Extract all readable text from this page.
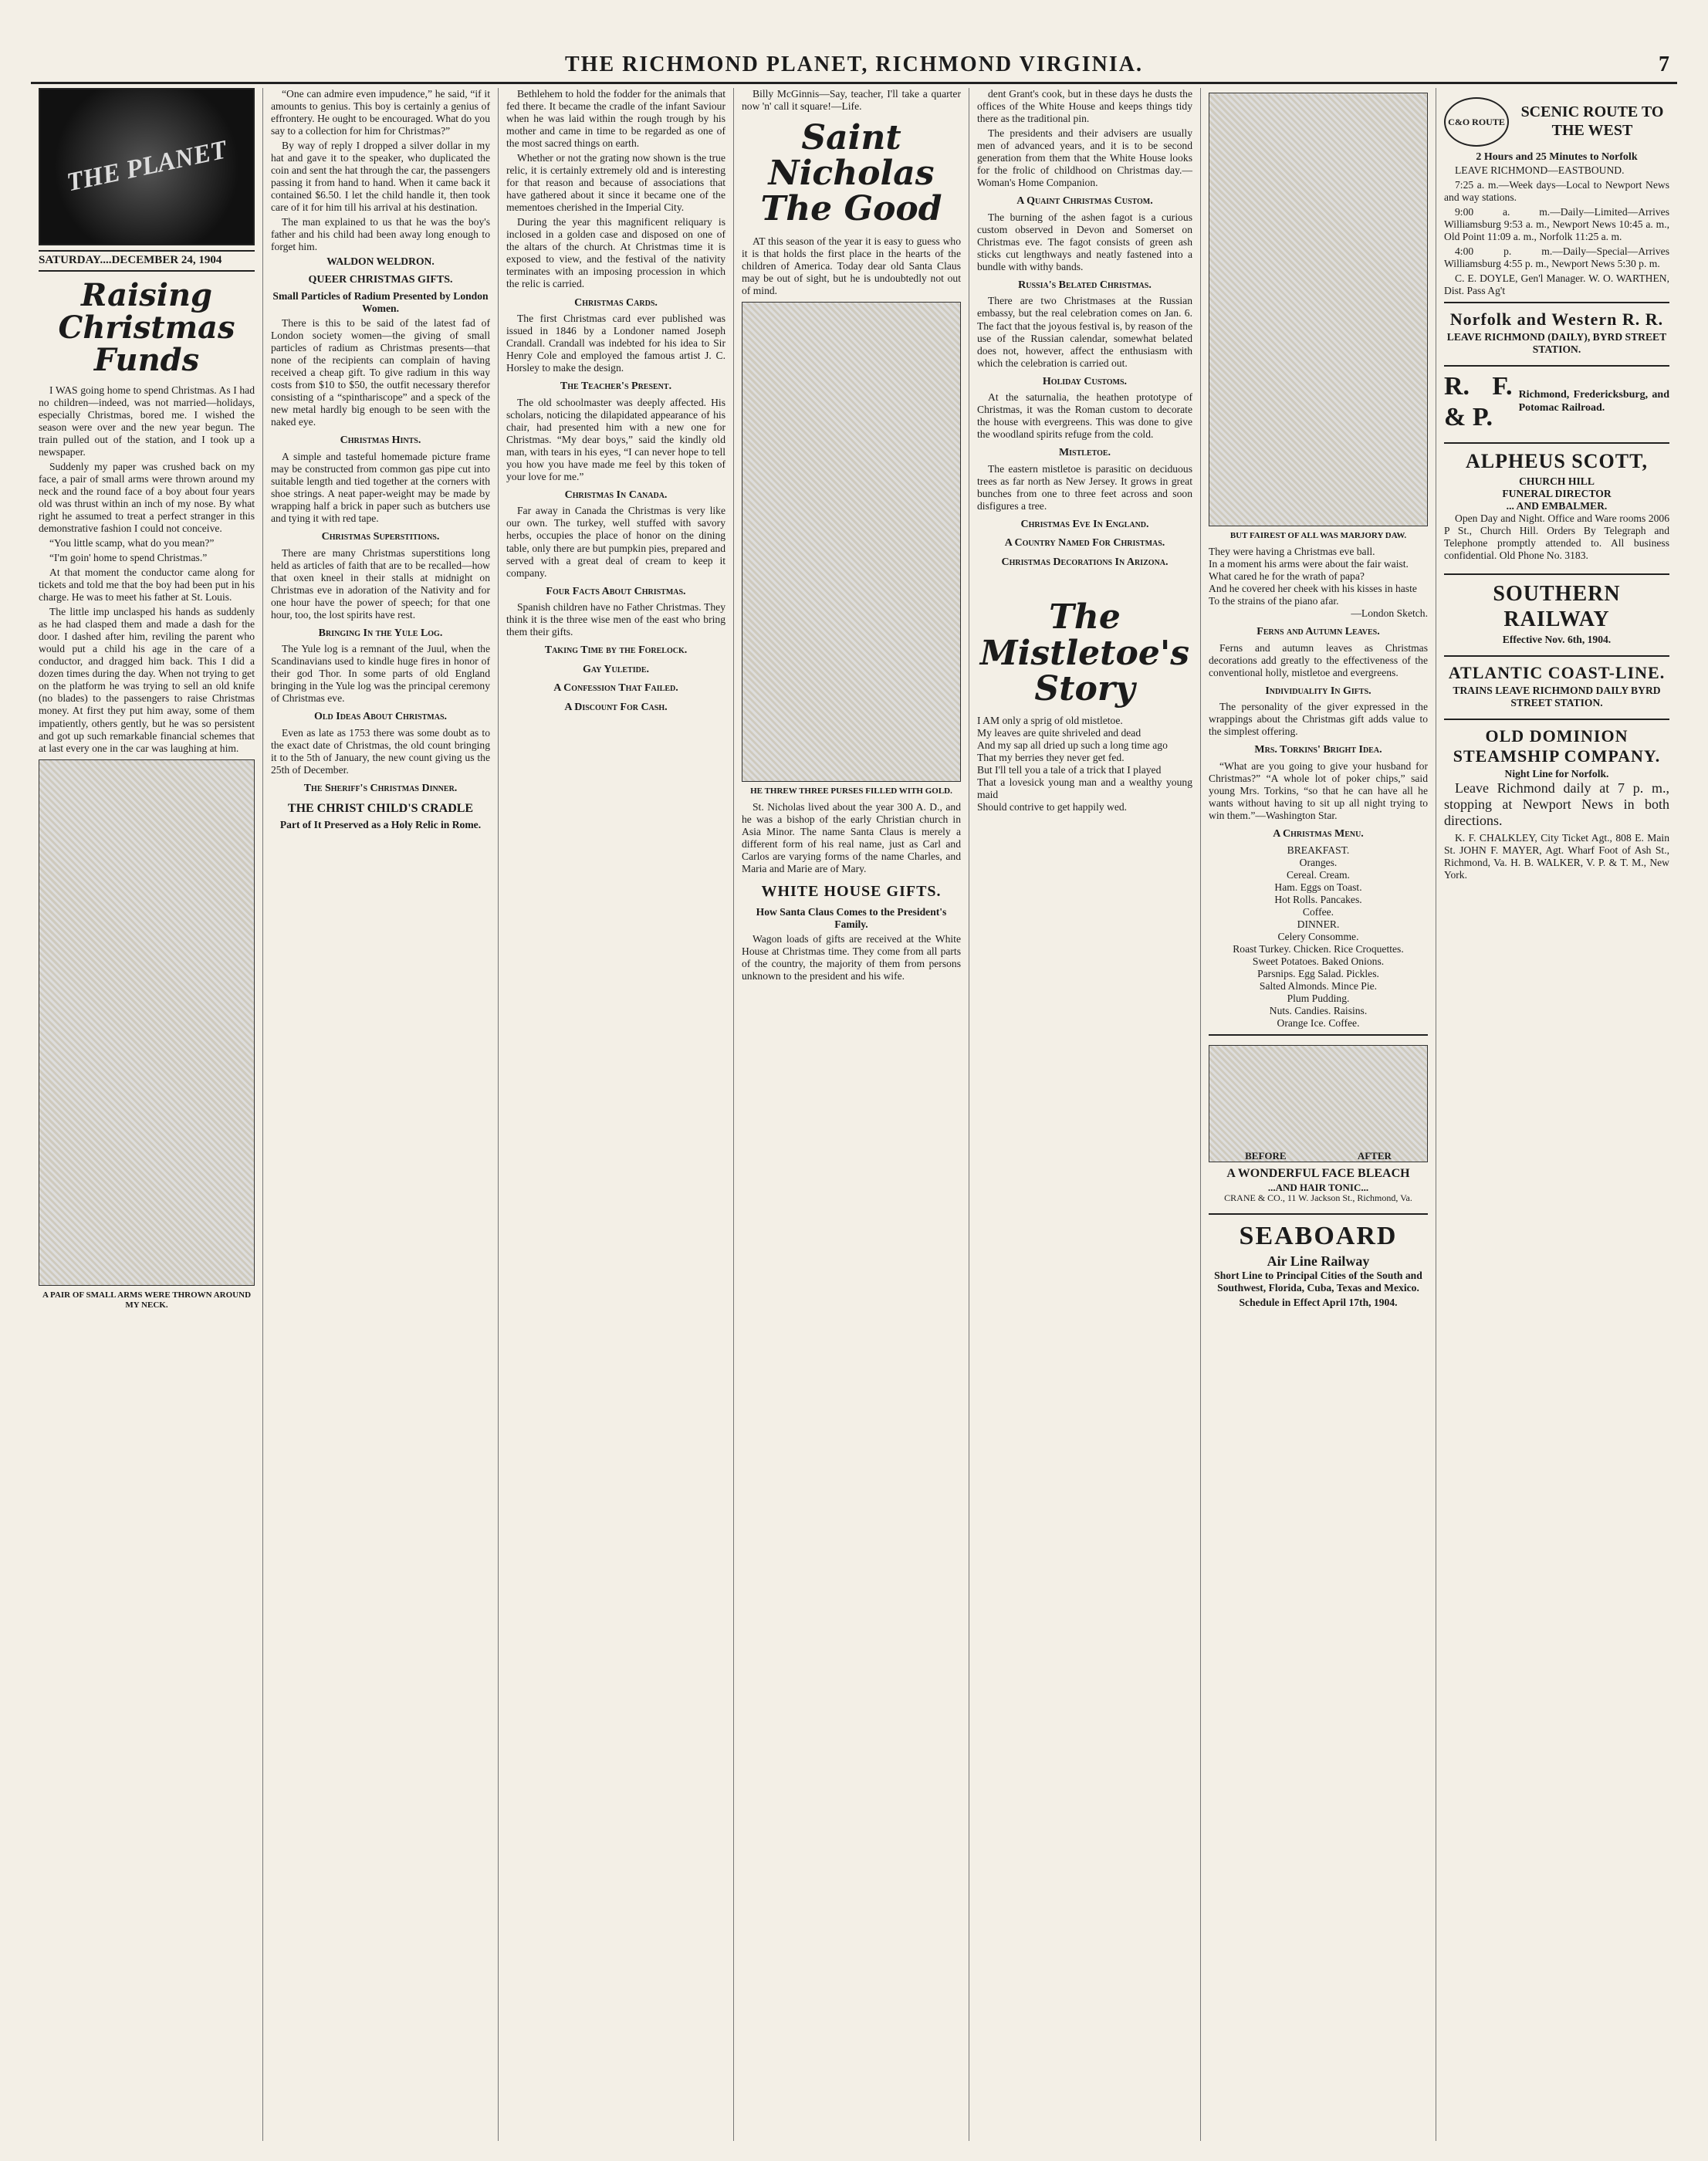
THE RICHMOND PLANET, RICHMOND VIRGINIA.	7
THE PLANET
SATURDAY....DECEMBER 24, 1904
Raising Christmas Funds

I WAS going home to spend Christmas. As I had no children—indeed, was not married—holidays, especially Christmas, bored me. I wished the season were over and the new year begun. The train pulled out of the station, and I took up a newspaper.

Suddenly my paper was crushed back on my face, a pair of small arms were thrown around my neck and the round face of a boy about four years old was thrust within an inch of my nose. By what right he assumed to treat a perfect stranger in this demonstrative fashion I could not conceive.

“You little scamp, what do you mean?”

“I'm goin' home to spend Christmas.”

At that moment the conductor came along for tickets and told me that the boy had been put in his charge. He was to meet his father at St. Louis.

The little imp unclasped his hands as suddenly as he had clasped them and made a dash for the door. I dashed after him, reviling the parent who would put a child his age in the care of a conductor, and dragged him back. This I did a dozen times during the day. When not trying to get on the platform he was trying to sell an old knife (no blades) to the passengers to raise Christmas money. At first they put him away, some of them impatiently, others gently, but he was so persistent and got up such remarkable financial schemes that at last every one in the car was laughing at him.

A PAIR OF SMALL ARMS WERE THROWN AROUND MY NECK.

“One can admire even impudence,” he said, “if it amounts to genius. This boy is certainly a genius of effrontery. He ought to be encouraged. What do you say to a collection for him for Christmas?”

By way of reply I dropped a silver dollar in my hat and gave it to the speaker, who duplicated the coin and sent the hat through the car, the passengers passing it from hand to hand. When it came back it contained $6.50. I let the child handle it, then took care of it for him till his arrival at his destination.

The man explained to us that he was the boy's father and his child had been away long enough to forget him.

WALDON WELDRON.

QUEER CHRISTMAS GIFTS.

Small Particles of Radium Presented by London Women.

There is this to be said of the latest fad of London society women—the giving of small particles of radium as Christmas presents—that none of the recipients can complain of having received a cheap gift. To give radium in this way costs from $10 to $50, the outfit necessary therefor consisting of a “spinthariscope” and a speck of the new metal hardly big enough to be seen with the naked eye.

Christmas Hints.

A simple and tasteful homemade picture frame may be constructed from common gas pipe cut into suitable length and tied together at the corners with shoe strings. A neat paper-weight may be made by wrapping half a brick in paper such as butchers use and tying it with red tape.

Christmas Superstitions.

There are many Christmas superstitions long held as articles of faith that are to be recalled—how that oxen kneel in their stalls at midnight on Christmas eve in adoration of the Nativity and for one hour have the power of speech; for that one hour, too, the lost spirits have rest.

Bringing In the Yule Log.

The Yule log is a remnant of the Juul, when the Scandinavians used to kindle huge fires in honor of their god Thor. In some parts of old England bringing in the Yule log was the principal ceremony of Christmas eve.

Old Ideas About Christmas.

Even as late as 1753 there was some doubt as to the exact date of Christmas, the old count bringing it to the 5th of January, the new count giving us the 25th of December.

The Sheriff's Christmas Dinner.
THE CHRIST CHILD'S CRADLE

Part of It Preserved as a Holy Relic in Rome.

Bethlehem to hold the fodder for the animals that fed there. It became the cradle of the infant Saviour when he was laid within the rough trough by his mother and came in time to be regarded as one of the most sacred things on earth.

Whether or not the grating now shown is the true relic, it is certainly extremely old and is interesting for that reason and because of associations that have gathered about it since it became one of the mementoes cherished in the Imperial City.

During the year this magnificent reliquary is inclosed in a golden case and disposed on one of the altars of the church. At Christmas time it is exposed to view, and the festival of the nativity terminates with an imposing procession in which the relic is carried.

Christmas Cards.

The first Christmas card ever published was issued in 1846 by a Londoner named Joseph Crandall. Crandall was indebted for his idea to Sir Henry Cole and employed the famous artist J. C. Horsley to make the design.

The Teacher's Present.

The old schoolmaster was deeply affected. His scholars, noticing the dilapidated appearance of his chair, had presented him with a new one for Christmas. “My dear boys,” said the kindly old man, with tears in his eyes, “I can never hope to tell you how you have made me feel by this token of your love for me.”

Christmas In Canada.

Far away in Canada the Christmas is very like our own. The turkey, well stuffed with savory herbs, occupies the place of honor on the dining table, only there are but pumpkin pies, prepared and served with a great deal of cream to keep it company.

Four Facts About Christmas.

Spanish children have no Father Christmas. They think it is the three wise men of the east who bring them their gifts.

Taking Time by the Forelock.
Gay Yuletide.
A Confession That Failed.
A Discount For Cash.

Billy McGinnis—Say, teacher, I'll take a quarter now 'n' call it square!—Life.

Saint Nicholas The Good

AT this season of the year it is easy to guess who it is that holds the first place in the hearts of the children of America. Today dear old Santa Claus may be out of sight, but he is undoubtedly not out of mind.

HE THREW THREE PURSES FILLED WITH GOLD.

St. Nicholas lived about the year 300 A. D., and he was a bishop of the early Christian church in Asia Minor. The name Santa Claus is merely a different form of his real name, just as Carl and Carlos are varying forms of the name Charles, and Maria and Marie are of Mary.

WHITE HOUSE GIFTS.

How Santa Claus Comes to the President's Family.

Wagon loads of gifts are received at the White House at Christmas time. They come from all parts of the country, the majority of them from persons unknown to the president and his wife.

dent Grant's cook, but in these days he dusts the offices of the White House and keeps things tidy there as the traditional pin.

The presidents and their advisers are usually men of advanced years, and it is to be second generation from them that the White House looks for the frolic of childhood on Christmas day.—Woman's Home Companion.

A Quaint Christmas Custom.

The burning of the ashen fagot is a curious custom observed in Devon and Somerset on Christmas eve. The fagot consists of green ash sticks cut lengthways and neatly fastened into a bundle with withy bands.

Russia's Belated Christmas.

There are two Christmases at the Russian embassy, but the real celebration comes on Jan. 6. The fact that the joyous festival is, by reason of the use of the Russian calendar, somewhat belated does not, however, affect the enthusiasm with which the celebration is carried out.

Holiday Customs.

At the saturnalia, the heathen prototype of Christmas, it was the Roman custom to decorate the house with evergreens. This was done to give the woodland spirits refuge from the cold.

Mistletoe.

The eastern mistletoe is parasitic on deciduous trees as far north as New Jersey. It grows in great bunches from one to three feet across and soon disfigures a tree.

Christmas Eve In England.
A Country Named For Christmas.
Christmas Decorations In Arizona.
The Mistletoe's Story

I AM only a sprig of old mistletoe.

My leaves are quite shriveled and dead

And my sap all dried up such a long time ago

That my berries they never get fed.

But I'll tell you a tale of a trick that I played

That a lovesick young man and a wealthy young maid

Should contrive to get happily wed.

BUT FAIREST OF ALL WAS MARJORY DAW.

They were having a Christmas eve ball.

In a moment his arms were about the fair waist.

What cared he for the wrath of papa?

And he covered her cheek with his kisses in haste

To the strains of the piano afar.

—London Sketch.

Ferns and Autumn Leaves.

Ferns and autumn leaves as Christmas decorations add greatly to the effectiveness of the conventional holly, mistletoe and evergreens.

Individuality In Gifts.

The personality of the giver expressed in the wrappings about the Christmas gift adds value to the simplest offering.

Mrs. Torkins' Bright Idea.

“What are you going to give your husband for Christmas?” “A whole lot of poker chips,” said young Mrs. Torkins, “so that he can have all he wants without having to sit up all night trying to win them.”—Washington Star.

A Christmas Menu.

BREAKFAST.

Oranges.

Cereal. Cream.

Ham. Eggs on Toast.

Hot Rolls. Pancakes.

Coffee.

DINNER.

Celery Consomme.

Roast Turkey. Chicken. Rice Croquettes.

Sweet Potatoes. Baked Onions.

Parsnips. Egg Salad. Pickles.

Salted Almonds. Mince Pie.

Plum Pudding.

Nuts. Candies. Raisins.

Orange Ice. Coffee.

BEFORE	AFTER
A WONDERFUL FACE BLEACH
...AND HAIR TONIC...
CRANE & CO., 11 W. Jackson St., Richmond, Va.
SEABOARD
Air Line Railway

Short Line to Principal Cities of the South and Southwest, Florida, Cuba, Texas and Mexico.

Schedule in Effect April 17th, 1904.

C&O ROUTE
SCENIC ROUTE TO THE WEST
2 Hours and 25 Minutes to Norfolk

LEAVE RICHMOND—EASTBOUND.

7:25 a. m.—Week days—Local to Newport News and way stations.

9:00 a. m.—Daily—Limited—Arrives Williamsburg 9:53 a. m., Newport News 10:45 a. m., Old Point 11:09 a. m., Norfolk 11:25 a. m.

4:00 p. m.—Daily—Special—Arrives Williamsburg 4:55 p. m., Newport News 5:30 p. m.

C. E. DOYLE, Gen'l Manager. W. O. WARTHEN, Dist. Pass Ag't

Norfolk and Western R. R.
LEAVE RICHMOND (DAILY), BYRD STREET STATION.
R. F. & P.
Richmond, Fredericksburg, and Potomac Railroad.
ALPHEUS SCOTT,
CHURCH HILL
FUNERAL DIRECTOR
... AND EMBALMER.

Open Day and Night. Office and Ware rooms 2006 P St., Church Hill. Orders By Telegraph and Telephone promptly attended to. All business confidential. Old Phone No. 3183.

SOUTHERN RAILWAY
Effective Nov. 6th, 1904.
ATLANTIC COAST-LINE.
TRAINS LEAVE RICHMOND DAILY BYRD STREET STATION.
OLD DOMINION STEAMSHIP COMPANY.
Night Line for Norfolk.

Leave Richmond daily at 7 p. m., stopping at Newport News in both directions.

K. F. CHALKLEY, City Ticket Agt., 808 E. Main St. JOHN F. MAYER, Agt. Wharf Foot of Ash St., Richmond, Va. H. B. WALKER, V. P. & T. M., New York.
